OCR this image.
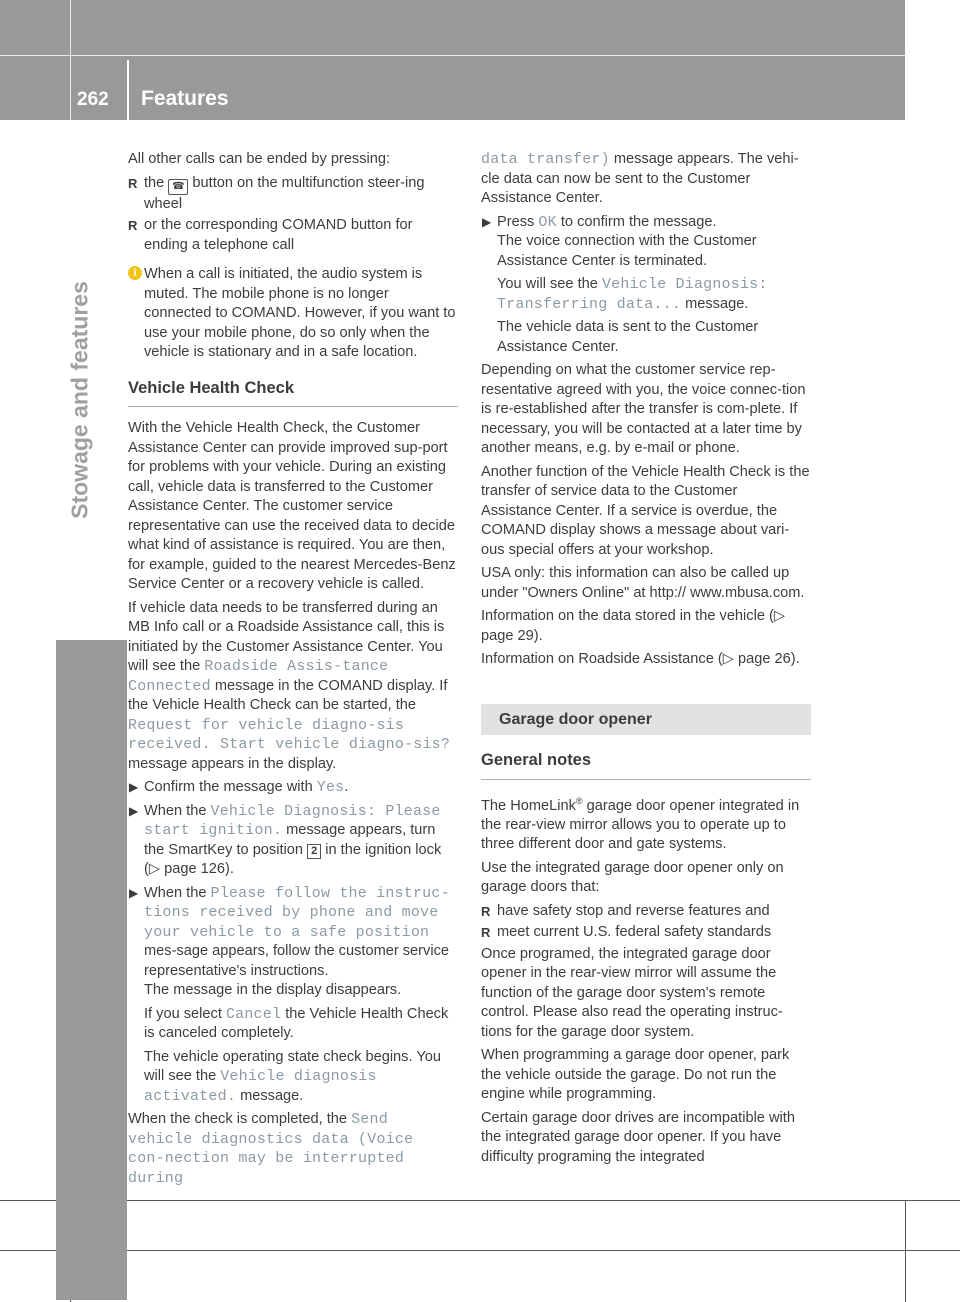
262	Features
Stowage and features

All other calls can be ended by pressing:

R the ☎ button on the multifunction steer-ing wheel
R or the corresponding COMAND button for ending a telephone call
i When a call is initiated, the audio system is muted. The mobile phone is no longer connected to COMAND. However, if you want to use your mobile phone, do so only when the vehicle is stationary and in a safe location.
Vehicle Health Check

With the Vehicle Health Check, the Customer Assistance Center can provide improved sup-port for problems with your vehicle. During an existing call, vehicle data is transferred to the Customer Assistance Center. The customer service representative can use the received data to decide what kind of assistance is required. You are then, for example, guided to the nearest Mercedes-Benz Service Center or a recovery vehicle is called.

If vehicle data needs to be transferred during an MB Info call or a Roadside Assistance call, this is initiated by the Customer Assistance Center. You will see the Roadside Assis‐tance Connected message in the COMAND display. If the Vehicle Health Check can be started, the Request for vehicle diagno‐sis received. Start vehicle diagno‐sis? message appears in the display.

▶ Confirm the message with Yes.
▶ When the Vehicle Diagnosis: Please start ignition. message appears, turn the SmartKey to position 2 in the ignition lock (▷ page 126).
▶ When the Please follow the instruc‐tions received by phone and move your vehicle to a safe position mes-sage appears, follow the customer service representative's instructions.
The message in the display disappears.
If you select Cancel the Vehicle Health Check is canceled completely.
The vehicle operating state check begins. You will see the Vehicle diagnosis activated. message.

When the check is completed, the Send vehicle diagnostics data (Voice con‐nection may be interrupted during

data transfer) message appears. The vehi-cle data can now be sent to the Customer Assistance Center.

▶ Press OK to confirm the message.
The voice connection with the Customer Assistance Center is terminated.
You will see the Vehicle Diagnosis: Transferring data... message.
The vehicle data is sent to the Customer Assistance Center.

Depending on what the customer service rep-resentative agreed with you, the voice connec-tion is re-established after the transfer is com-plete. If necessary, you will be contacted at a later time by another means, e.g. by e-mail or phone.

Another function of the Vehicle Health Check is the transfer of service data to the Customer Assistance Center. If a service is overdue, the COMAND display shows a message about vari-ous special offers at your workshop.

USA only: this information can also be called up under "Owners Online" at http:// www.mbusa.com.

Information on the data stored in the vehicle (▷ page 29).

Information on Roadside Assistance (▷ page 26).

Garage door opener
General notes

The HomeLink® garage door opener integrated in the rear-view mirror allows you to operate up to three different door and gate systems.

Use the integrated garage door opener only on garage doors that:

R have safety stop and reverse features and
R meet current U.S. federal safety standards

Once programed, the integrated garage door opener in the rear-view mirror will assume the function of the garage door system's remote control. Please also read the operating instruc-tions for the garage door system.

When programming a garage door opener, park the vehicle outside the garage. Do not run the engine while programming.

Certain garage door drives are incompatible with the integrated garage door opener. If you have difficulty programing the integrated
